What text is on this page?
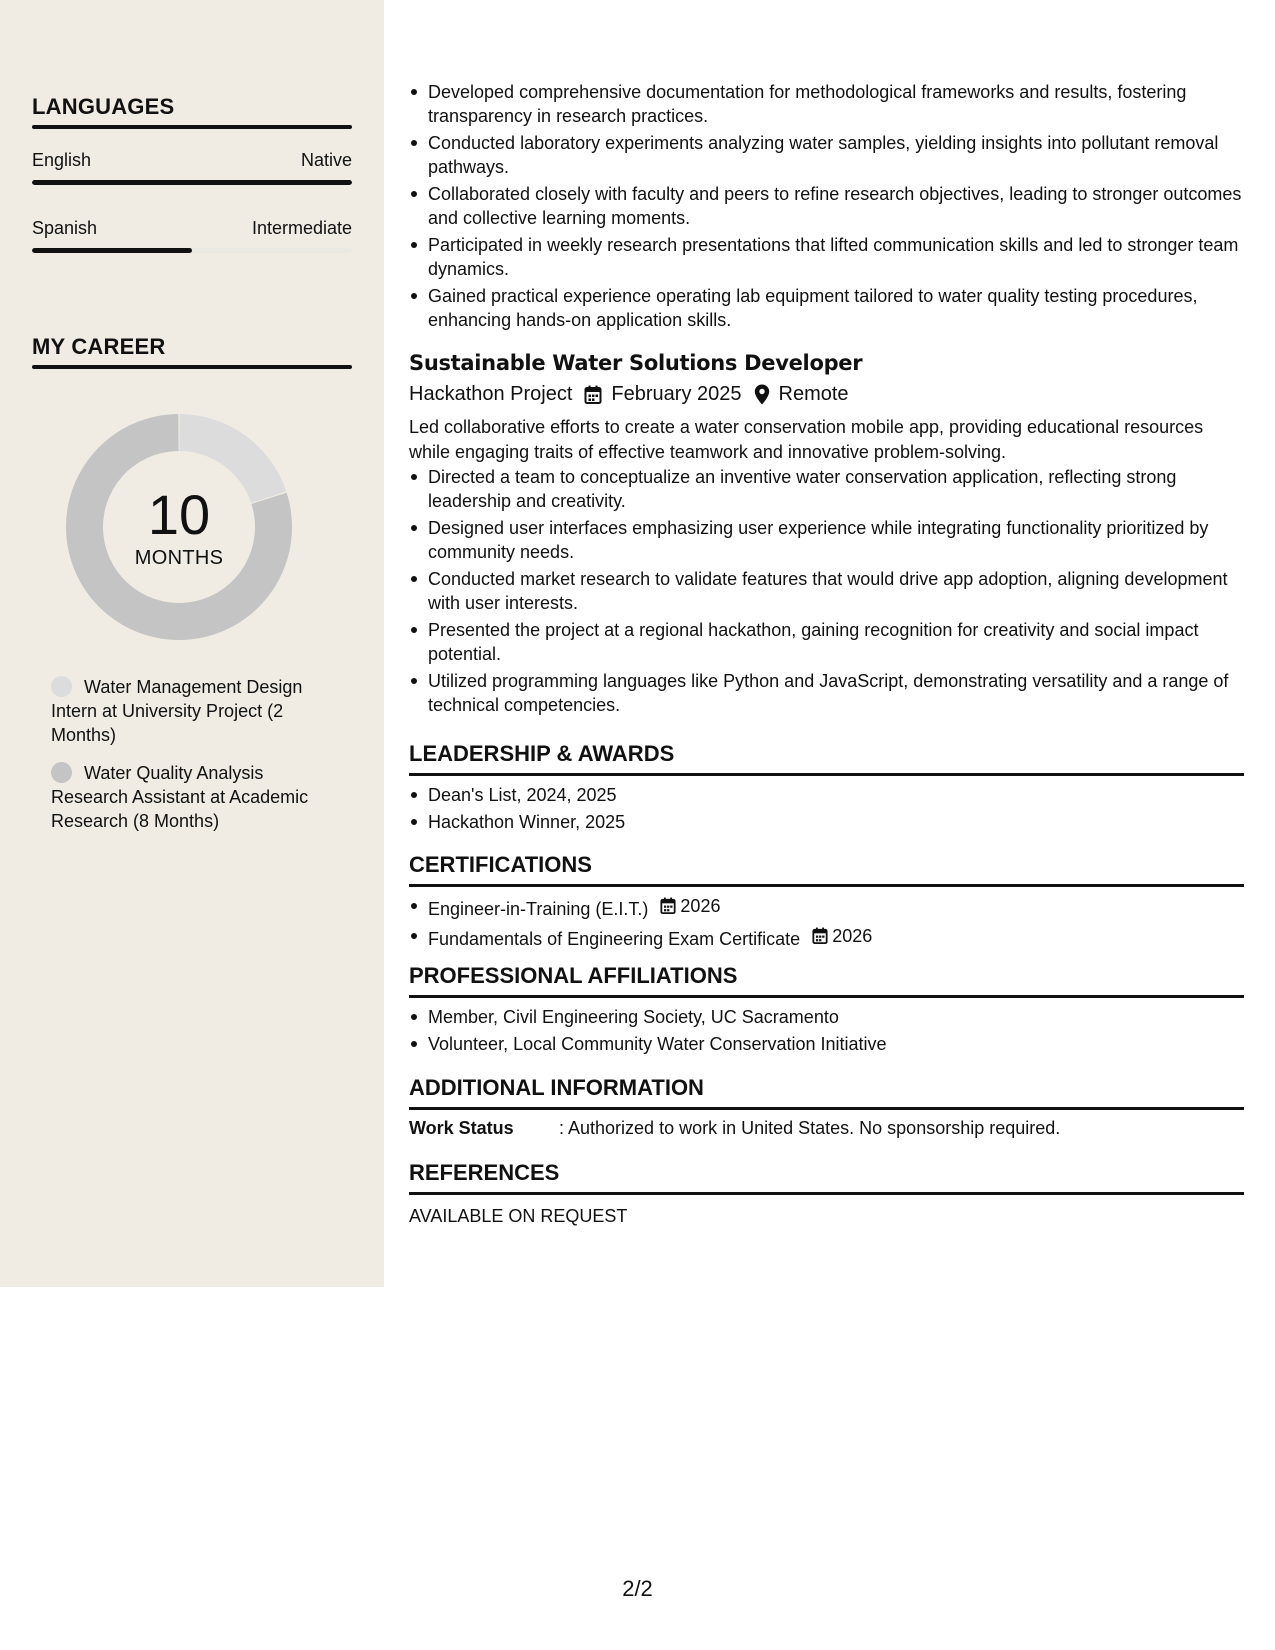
LANGUAGES
English	Native
Spanish	Intermediate
MY CAREER
10
MONTHS
Water Management Design Intern at University Project (2 Months)
Water Quality Analysis Research Assistant at Academic Research (8 Months)
Developed comprehensive documentation for methodological frameworks and results, fostering transparency in research practices.
Conducted laboratory experiments analyzing water samples, yielding insights into pollutant removal pathways.
Collaborated closely with faculty and peers to refine research objectives, leading to stronger outcomes and collective learning moments.
Participated in weekly research presentations that lifted communication skills and led to stronger team dynamics.
Gained practical experience operating lab equipment tailored to water quality testing procedures, enhancing hands-on application skills.
Sustainable Water Solutions Developer
Hackathon Project February 2025 Remote
Led collaborative efforts to create a water conservation mobile app, providing educational resources while engaging traits of effective teamwork and innovative problem-solving.
Directed a team to conceptualize an inventive water conservation application, reflecting strong leadership and creativity.
Designed user interfaces emphasizing user experience while integrating functionality prioritized by community needs.
Conducted market research to validate features that would drive app adoption, aligning development with user interests.
Presented the project at a regional hackathon, gaining recognition for creativity and social impact potential.
Utilized programming languages like Python and JavaScript, demonstrating versatility and a range of technical competencies.
LEADERSHIP & AWARDS
Dean's List, 2024, 2025
Hackathon Winner, 2025
CERTIFICATIONS
Engineer-in-Training (E.I.T.) 2026
Fundamentals of Engineering Exam Certificate 2026
PROFESSIONAL AFFILIATIONS
Member, Civil Engineering Society, UC Sacramento
Volunteer, Local Community Water Conservation Initiative
ADDITIONAL INFORMATION
Work Status	: Authorized to work in United States. No sponsorship required.
REFERENCES
AVAILABLE ON REQUEST
2/2
